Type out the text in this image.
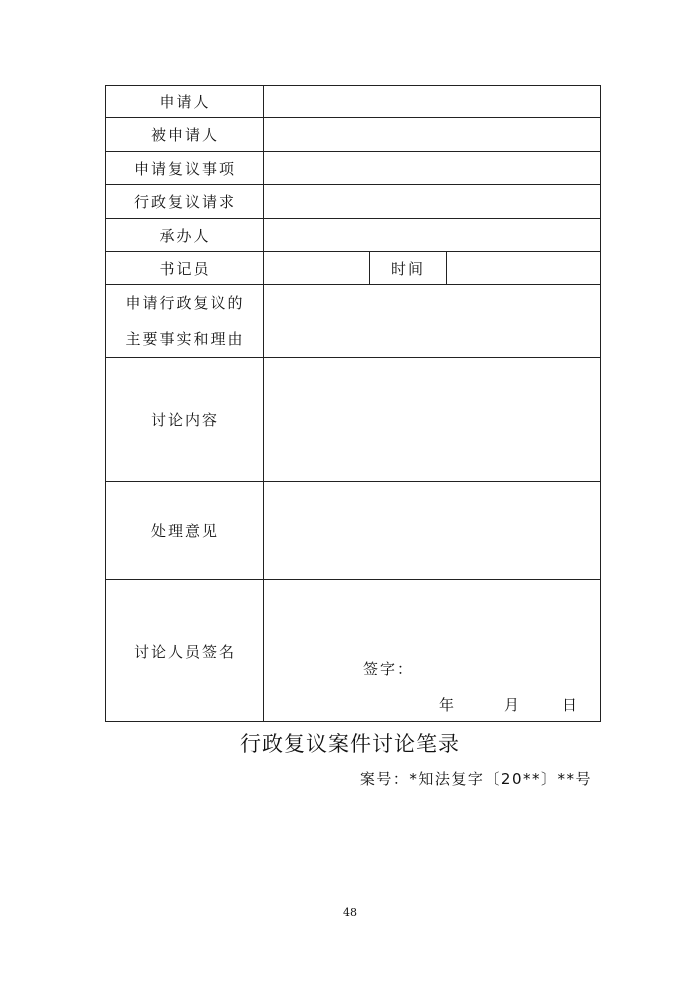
申请人
被申请人
申请复议事项
行政复议请求
承办人
书记员	时间
申请行政复议的
主要事实和理由
讨论内容
处理意见
讨论人员签名
签字：
年	月	日
行政复议案件讨论笔录
案号：*知法复字〔20**〕**号
48
